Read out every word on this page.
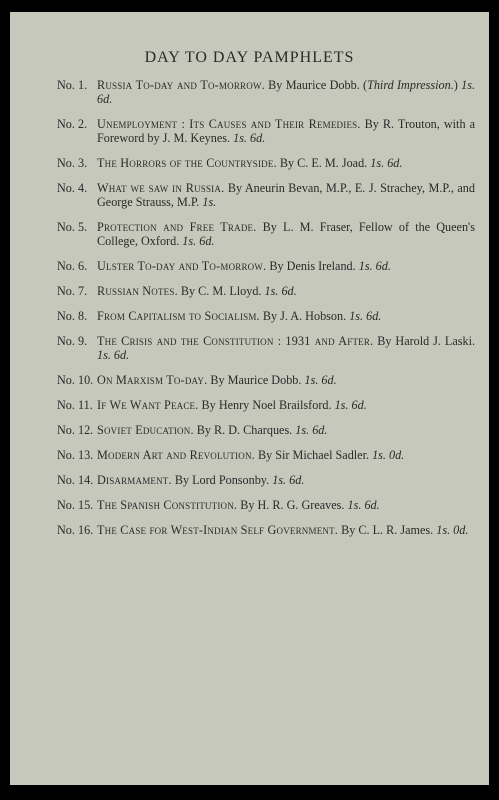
DAY TO DAY PAMPHLETS
No. 1. Russia To-day and To-morrow. By Maurice Dobb. (Third Impression.) 1s. 6d.
No. 2. Unemployment : Its Causes and Their Remedies. By R. Trouton, with a Foreword by J. M. Keynes. 1s. 6d.
No. 3. The Horrors of the Countryside. By C. E. M. Joad. 1s. 6d.
No. 4. What we saw in Russia. By Aneurin Bevan, M.P., E. J. Strachey, M.P., and George Strauss, M.P. 1s.
No. 5. Protection and Free Trade. By L. M. Fraser, Fellow of the Queen's College, Oxford. 1s. 6d.
No. 6. Ulster To-day and To-morrow. By Denis Ireland. 1s. 6d.
No. 7. Russian Notes. By C. M. Lloyd. 1s. 6d.
No. 8. From Capitalism to Socialism. By J. A. Hobson. 1s. 6d.
No. 9. The Crisis and the Constitution : 1931 and After. By Harold J. Laski. 1s. 6d.
No. 10. On Marxism To-day. By Maurice Dobb. 1s. 6d.
No. 11. If We Want Peace. By Henry Noel Brailsford. 1s. 6d.
No. 12. Soviet Education. By R. D. Charques. 1s. 6d.
No. 13. Modern Art and Revolution. By Sir Michael Sadler. 1s. 0d.
No. 14. Disarmament. By Lord Ponsonby. 1s. 6d.
No. 15. The Spanish Constitution. By H. R. G. Greaves. 1s. 6d.
No. 16. The Case for West-Indian Self Government. By C. L. R. James. 1s. 0d.
